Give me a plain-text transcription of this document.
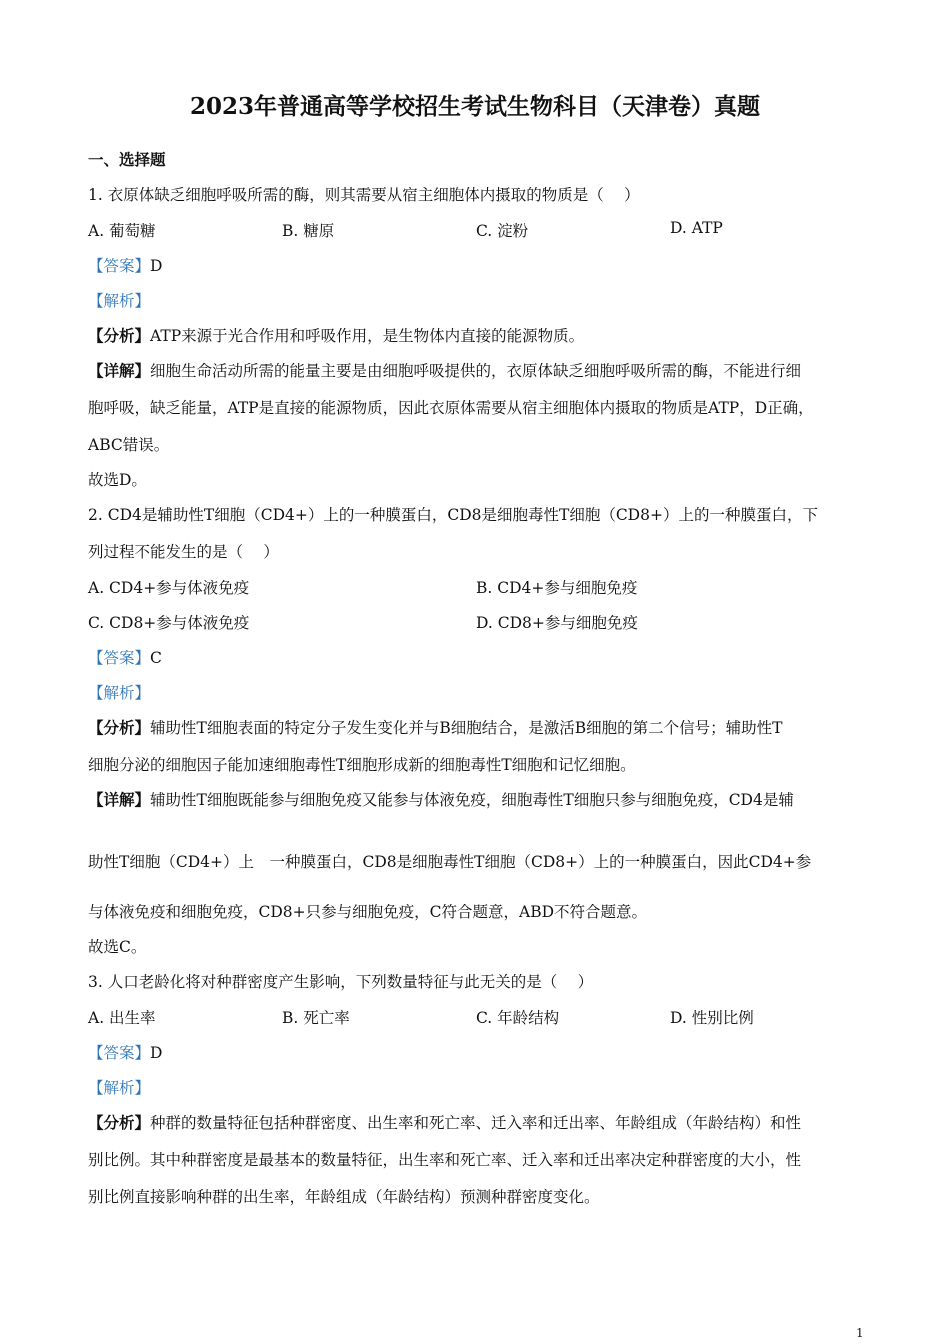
2023年普通高等学校招生考试生物科目（天津卷）真题
一、选择题
1. 衣原体缺乏细胞呼吸所需的酶，则其需要从宿主细胞体内摄取的物质是（　 ）
A. 葡萄糖	B. 糖原	C. 淀粉	D. ATP
【答案】D
【解析】
【分析】ATP来源于光合作用和呼吸作用，是生物体内直接的能源物质。
【详解】细胞生命活动所需的能量主要是由细胞呼吸提供的，衣原体缺乏细胞呼吸所需的酶，不能进行细
胞呼吸，缺乏能量，ATP是直接的能源物质，因此衣原体需要从宿主细胞体内摄取的物质是ATP，D正确，
ABC错误。
故选D。
2. CD4是辅助性T细胞（CD4+）上的一种膜蛋白，CD8是细胞毒性T细胞（CD8+）上的一种膜蛋白，下
列过程不能发生的是（　 ）
A. CD4+参与体液免疫	B. CD4+参与细胞免疫
C. CD8+参与体液免疫	D. CD8+参与细胞免疫
【答案】C
【解析】
【分析】辅助性T细胞表面的特定分子发生变化并与B细胞结合，是激活B细胞的第二个信号；辅助性T
细胞分泌的细胞因子能加速细胞毒性T细胞形成新的细胞毒性T细胞和记忆细胞。
【详解】辅助性T细胞既能参与细胞免疫又能参与体液免疫，细胞毒性T细胞只参与细胞免疫，CD4是辅
助性T细胞（CD4+）上　一种膜蛋白，CD8是细胞毒性T细胞（CD8+）上的一种膜蛋白，因此CD4+参
与体液免疫和细胞免疫，CD8+只参与细胞免疫，C符合题意，ABD不符合题意。
故选C。
3. 人口老龄化将对种群密度产生影响，下列数量特征与此无关的是（　 ）
A. 出生率	B. 死亡率	C. 年龄结构	D. 性别比例
【答案】D
【解析】
【分析】种群的数量特征包括种群密度、出生率和死亡率、迁入率和迁出率、年龄组成（年龄结构）和性
别比例。其中种群密度是最基本的数量特征，出生率和死亡率、迁入率和迁出率决定种群密度的大小，性
别比例直接影响种群的出生率，年龄组成（年龄结构）预测种群密度变化。
1
